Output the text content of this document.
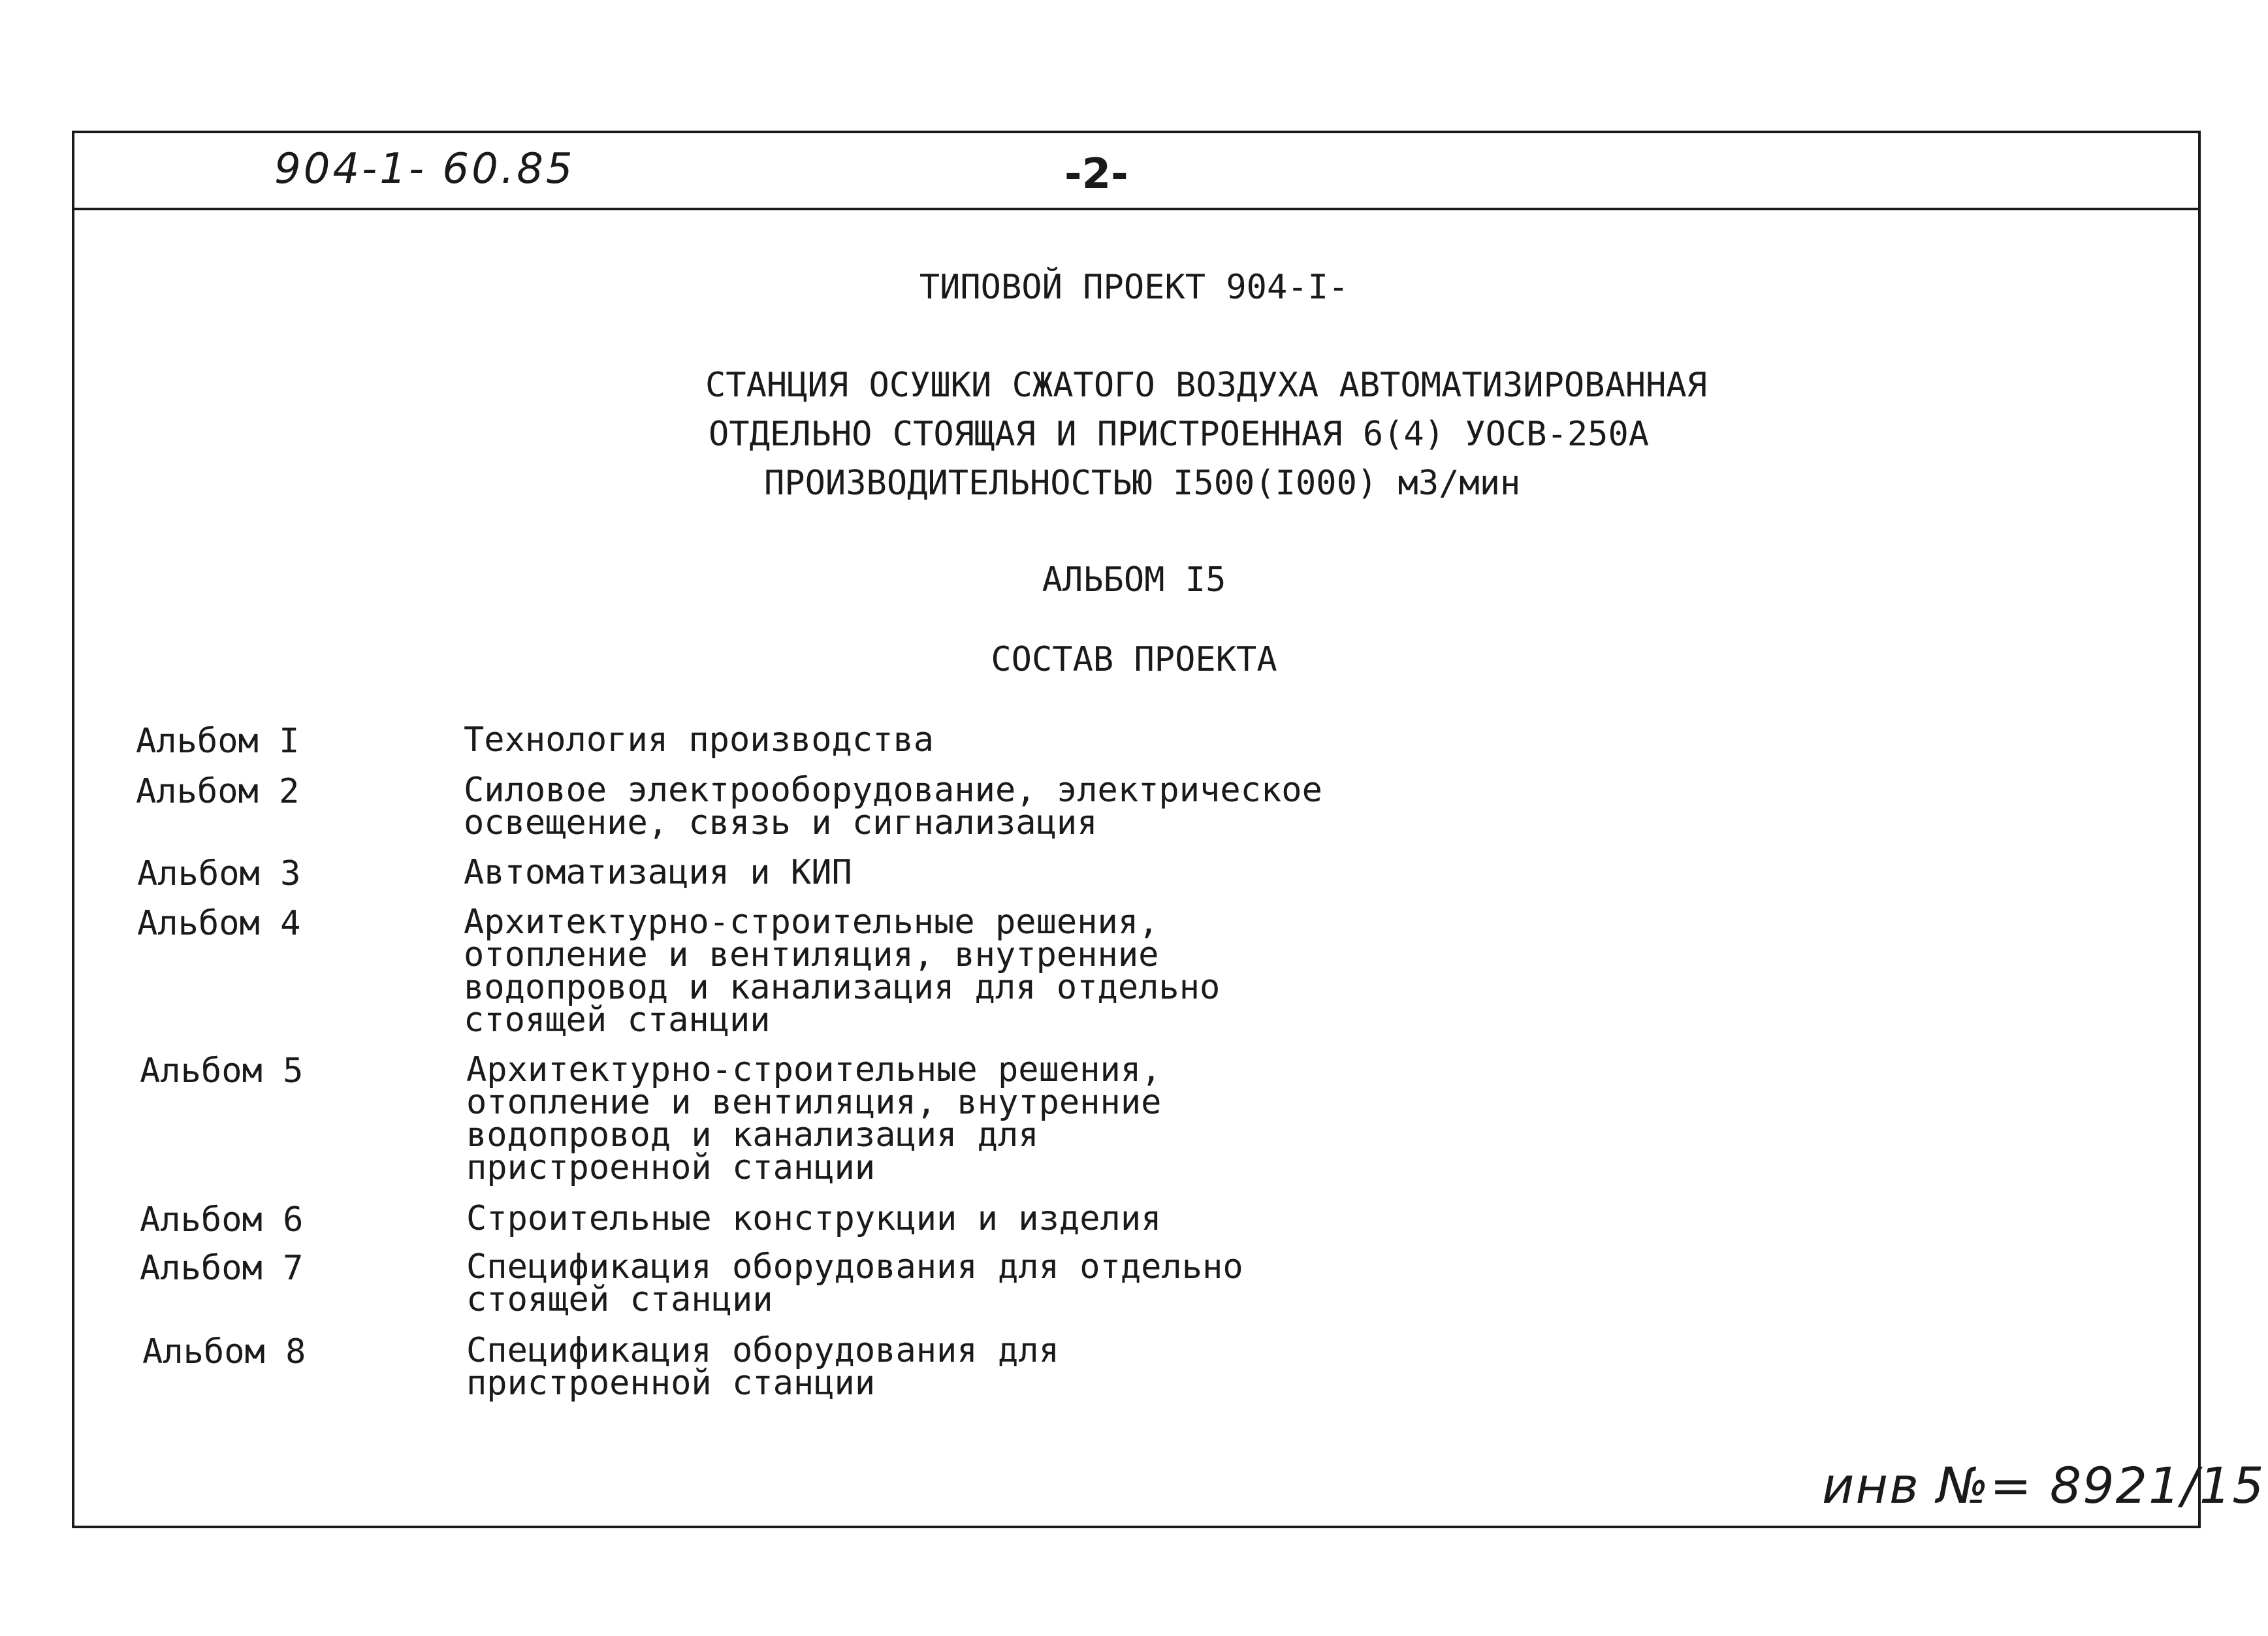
904-1- 60.85	-2-
ТИПОВОЙ ПРОЕКТ 904-I-
СТАНЦИЯ ОСУШКИ СЖАТОГО ВОЗДУХА АВТОМАТИЗИРОВАННАЯ
ОТДЕЛЬНО СТОЯЩАЯ И ПРИСТРОЕННАЯ 6(4) УОСВ-250А
ПРОИЗВОДИТЕЛЬНОСТЬЮ I500(I000) м3/мин
АЛЬБОМ I5
СОСТАВ ПРОЕКТА
Альбом I	Технология производства
Альбом 2	Силовое электрооборудование, электрическое
освещение, связь и сигнализация
Альбом 3	Автоматизация и КИП
Альбом 4	Архитектурно-строительные решения,
отопление и вентиляция, внутренние
водопровод и канализация для отдельно
стоящей станции
Альбом 5	Архитектурно-строительные решения,
отопление и вентиляция, внутренние
водопровод и канализация для
пристроенной станции
Альбом 6	Строительные конструкции и изделия
Альбом 7	Спецификация оборудования для отдельно
стоящей станции
Альбом 8	Спецификация оборудования для
пристроенной станции
инв №= 8921/15
